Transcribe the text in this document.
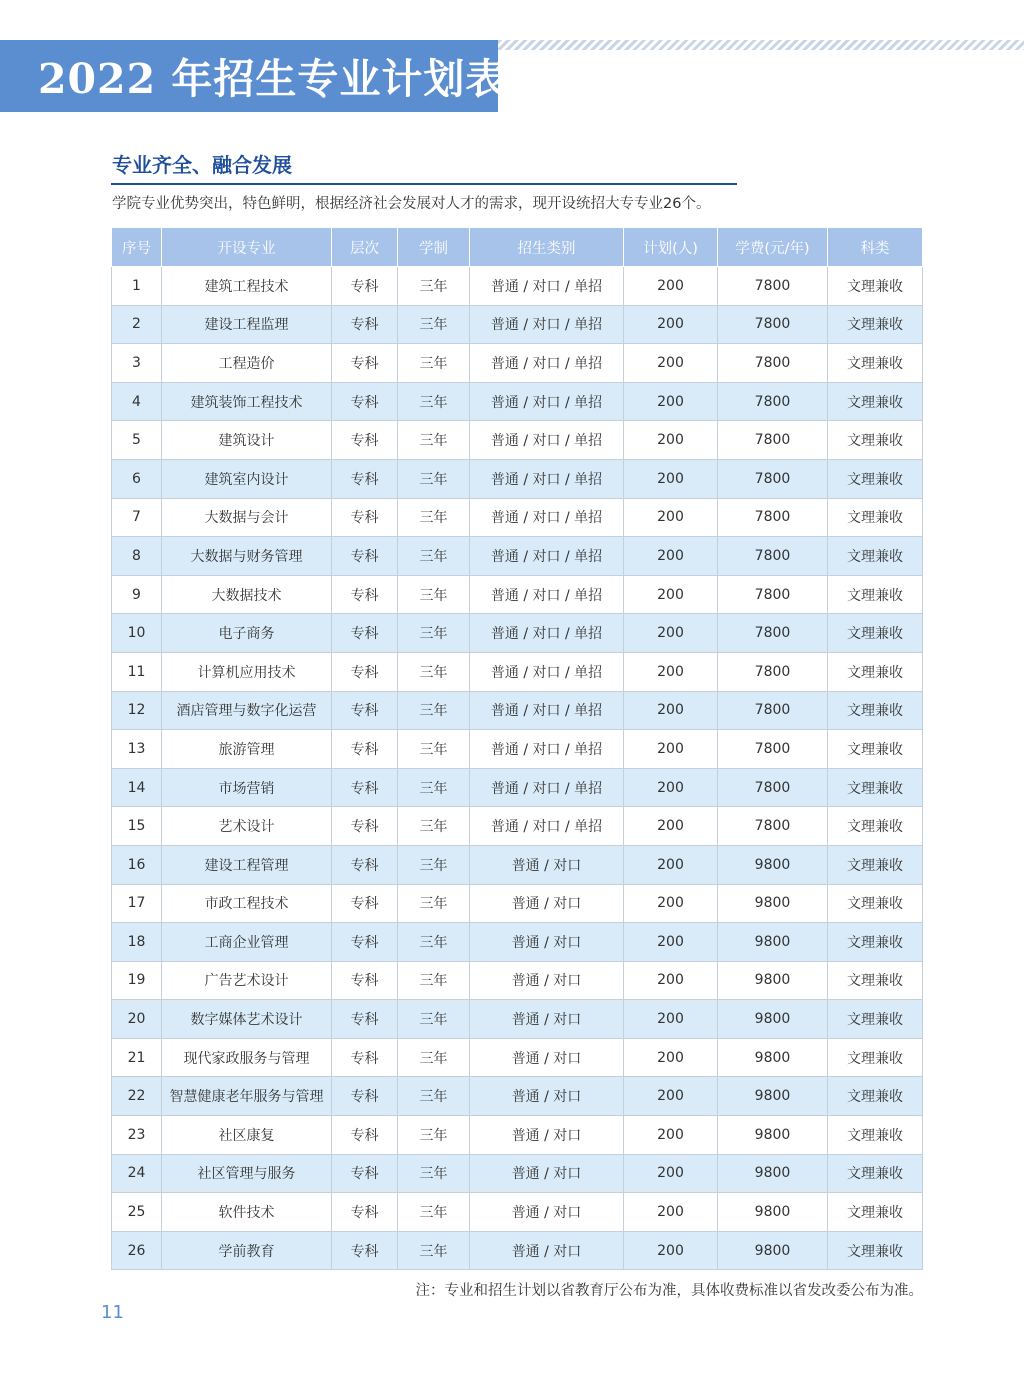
2022 年招生专业计划表
专业齐全、融合发展
学院专业优势突出，特色鲜明，根据经济社会发展对人才的需求，现开设统招大专专业26个。
序号	开设专业	层次	学制	招生类别	计划(人)	学费(元/年)	科类
1	建筑工程技术	专科	三年	普通 / 对口 / 单招	200	7800	文理兼收
2	建设工程监理	专科	三年	普通 / 对口 / 单招	200	7800	文理兼收
3	工程造价	专科	三年	普通 / 对口 / 单招	200	7800	文理兼收
4	建筑装饰工程技术	专科	三年	普通 / 对口 / 单招	200	7800	文理兼收
5	建筑设计	专科	三年	普通 / 对口 / 单招	200	7800	文理兼收
6	建筑室内设计	专科	三年	普通 / 对口 / 单招	200	7800	文理兼收
7	大数据与会计	专科	三年	普通 / 对口 / 单招	200	7800	文理兼收
8	大数据与财务管理	专科	三年	普通 / 对口 / 单招	200	7800	文理兼收
9	大数据技术	专科	三年	普通 / 对口 / 单招	200	7800	文理兼收
10	电子商务	专科	三年	普通 / 对口 / 单招	200	7800	文理兼收
11	计算机应用技术	专科	三年	普通 / 对口 / 单招	200	7800	文理兼收
12	酒店管理与数字化运营	专科	三年	普通 / 对口 / 单招	200	7800	文理兼收
13	旅游管理	专科	三年	普通 / 对口 / 单招	200	7800	文理兼收
14	市场营销	专科	三年	普通 / 对口 / 单招	200	7800	文理兼收
15	艺术设计	专科	三年	普通 / 对口 / 单招	200	7800	文理兼收
16	建设工程管理	专科	三年	普通 / 对口	200	9800	文理兼收
17	市政工程技术	专科	三年	普通 / 对口	200	9800	文理兼收
18	工商企业管理	专科	三年	普通 / 对口	200	9800	文理兼收
19	广告艺术设计	专科	三年	普通 / 对口	200	9800	文理兼收
20	数字媒体艺术设计	专科	三年	普通 / 对口	200	9800	文理兼收
21	现代家政服务与管理	专科	三年	普通 / 对口	200	9800	文理兼收
22	智慧健康老年服务与管理	专科	三年	普通 / 对口	200	9800	文理兼收
23	社区康复	专科	三年	普通 / 对口	200	9800	文理兼收
24	社区管理与服务	专科	三年	普通 / 对口	200	9800	文理兼收
25	软件技术	专科	三年	普通 / 对口	200	9800	文理兼收
26	学前教育	专科	三年	普通 / 对口	200	9800	文理兼收
注：专业和招生计划以省教育厅公布为准，具体收费标准以省发改委公布为准。
11
